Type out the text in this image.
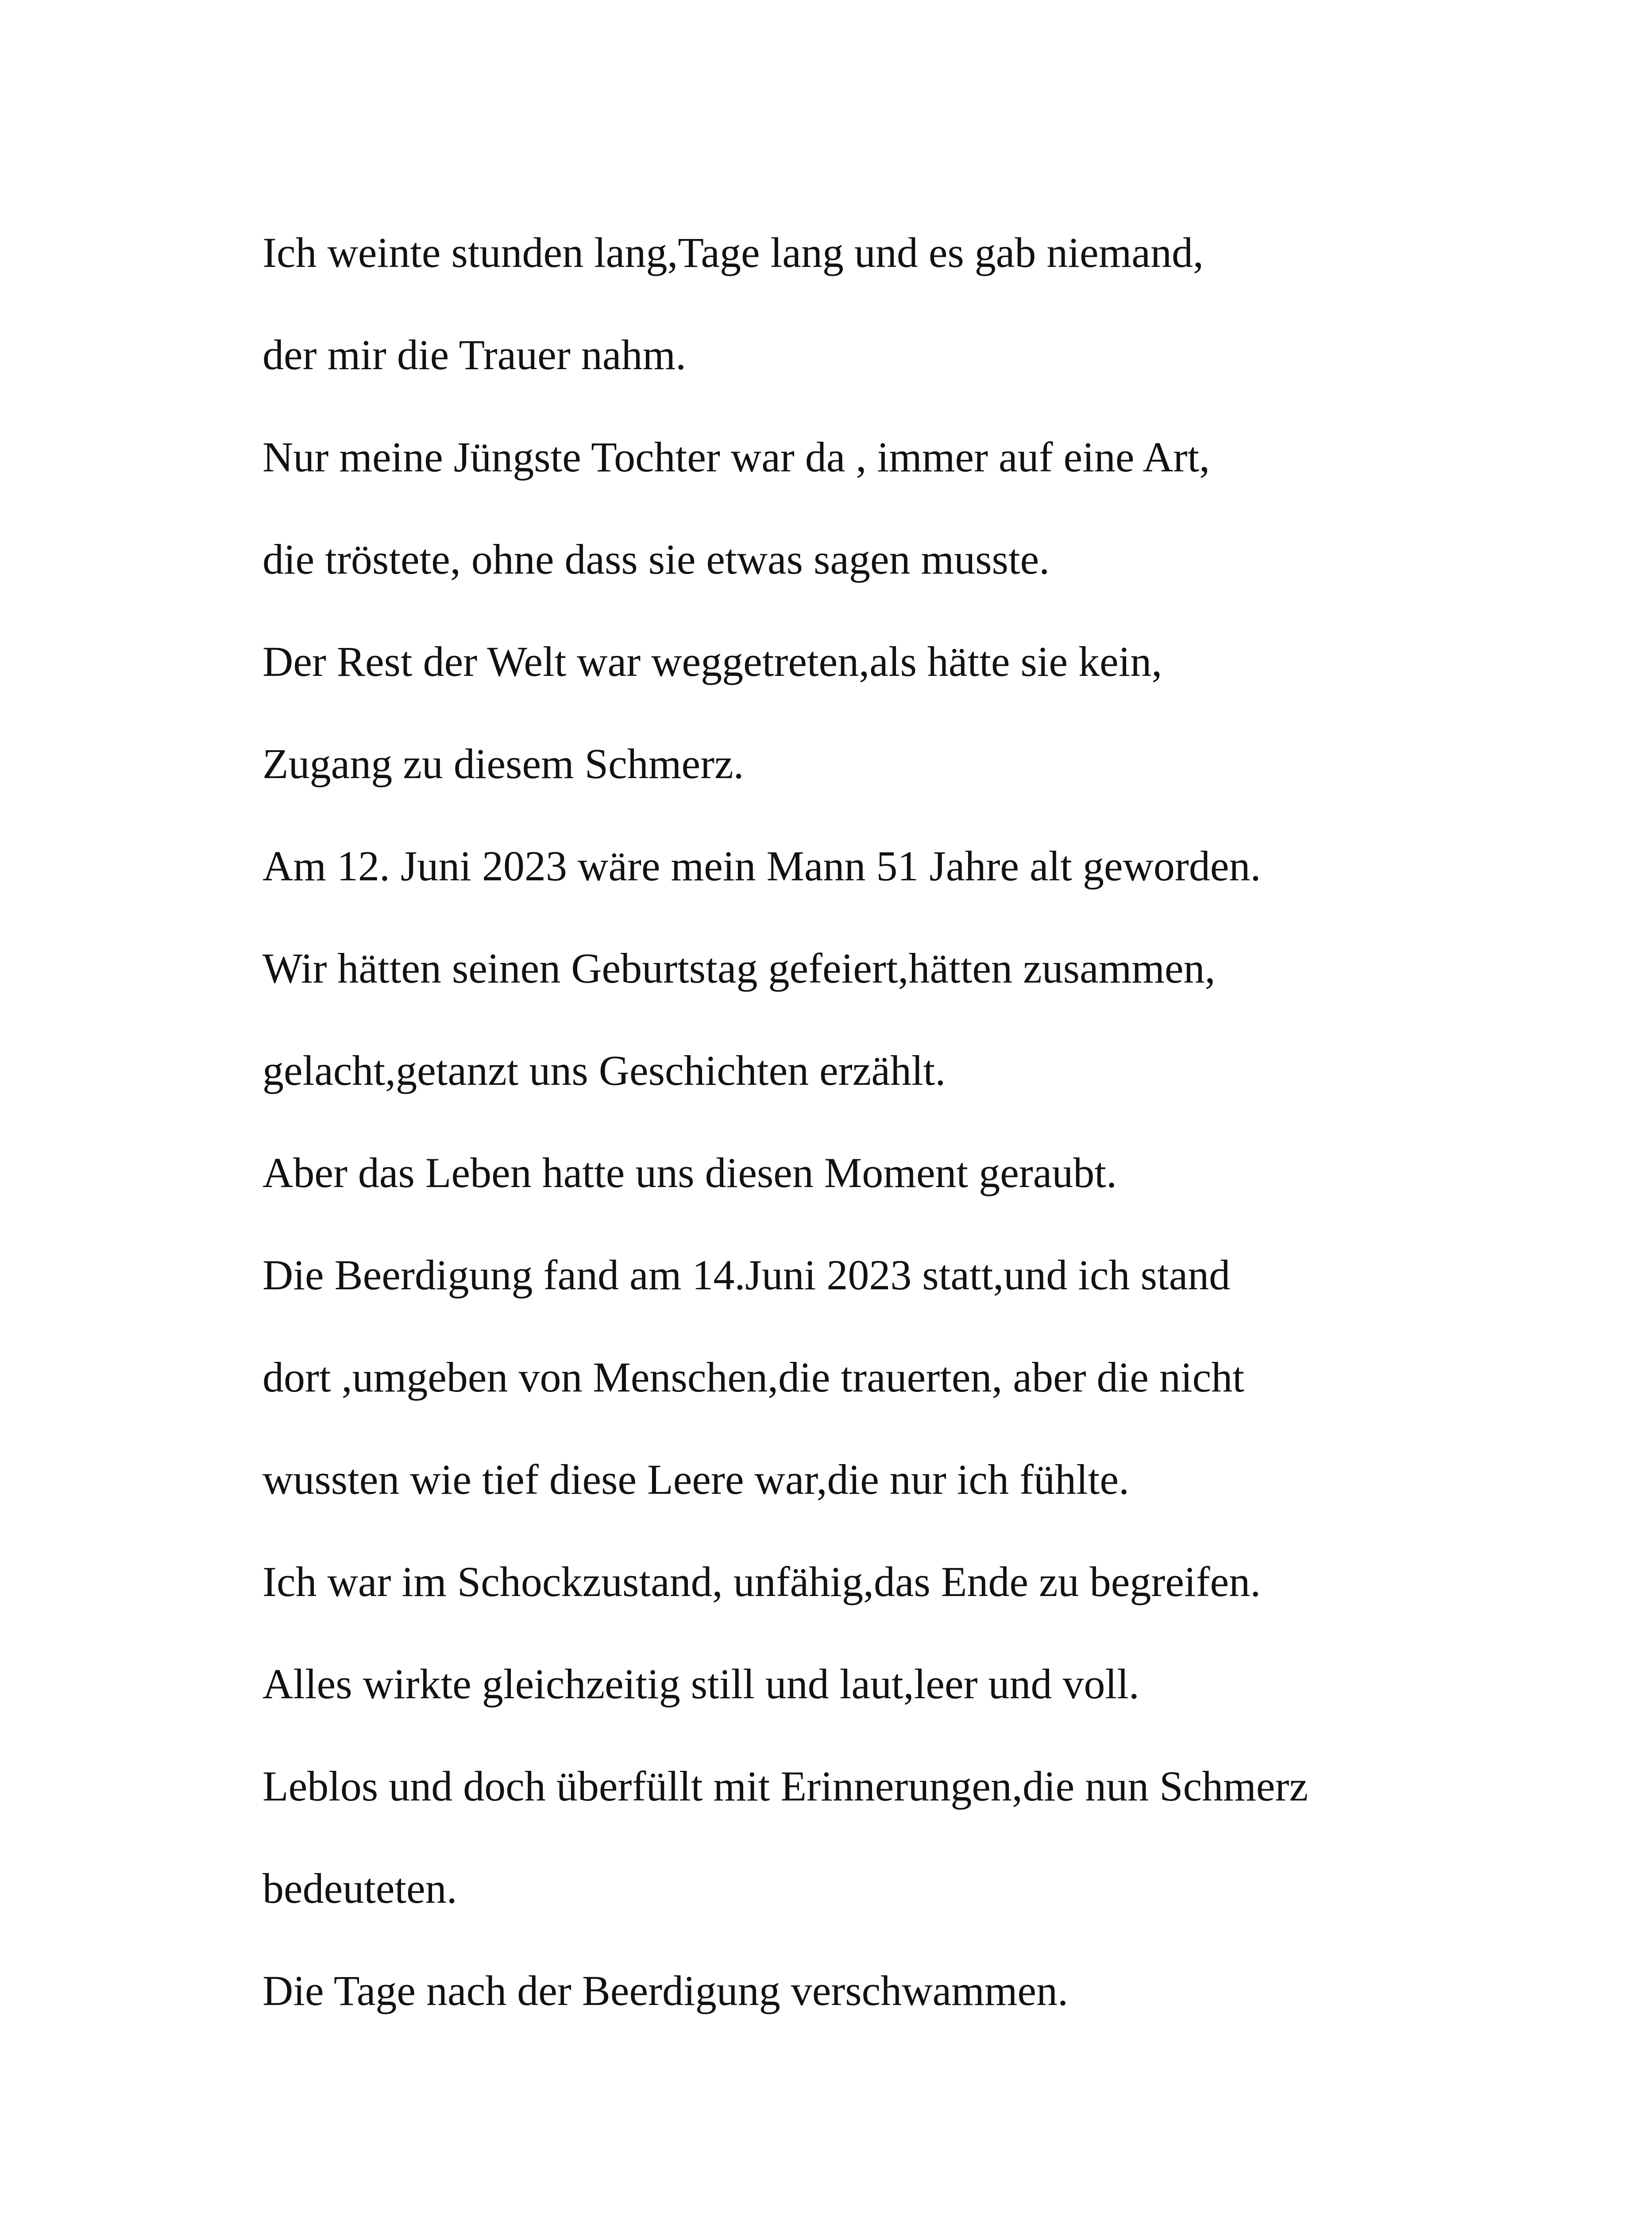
Ich weinte stunden lang,Tage lang und es gab niemand,
der mir die Trauer nahm.
Nur meine Jüngste Tochter war da , immer auf eine Art,
die tröstete, ohne dass sie etwas sagen musste.
Der Rest der Welt war weggetreten,als hätte sie kein,
Zugang zu diesem Schmerz.
Am 12. Juni 2023 wäre mein Mann 51 Jahre alt geworden.
Wir hätten seinen Geburtstag gefeiert,hätten zusammen,
gelacht,getanzt uns Geschichten erzählt.
Aber das Leben hatte uns diesen Moment geraubt.
Die Beerdigung fand am 14.Juni 2023 statt,und ich stand
dort ,umgeben von Menschen,die trauerten, aber die nicht
wussten wie tief diese Leere war,die nur ich fühlte.
Ich war im Schockzustand, unfähig,das Ende zu begreifen.
Alles wirkte gleichzeitig still und laut,leer und voll.
Leblos und doch überfüllt mit Erinnerungen,die nun Schmerz
bedeuteten.
Die Tage nach der Beerdigung verschwammen.
